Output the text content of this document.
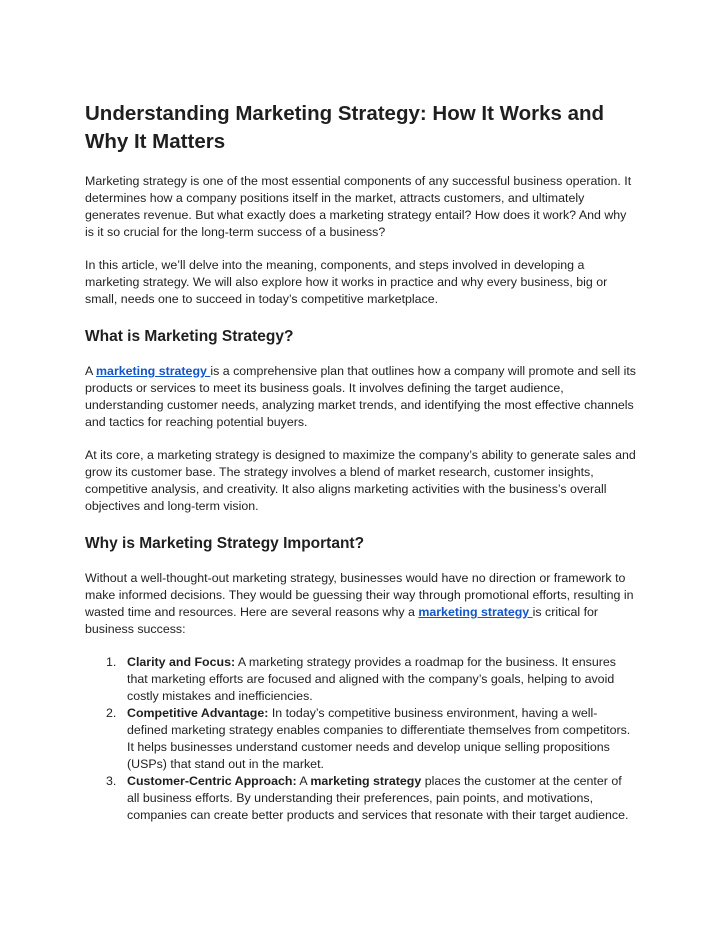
Understanding Marketing Strategy: How It Works and Why It Matters

Marketing strategy is one of the most essential components of any successful business operation. It determines how a company positions itself in the market, attracts customers, and ultimately generates revenue. But what exactly does a marketing strategy entail? How does it work? And why is it so crucial for the long-term success of a business?

In this article, we’ll delve into the meaning, components, and steps involved in developing a marketing strategy. We will also explore how it works in practice and why every business, big or small, needs one to succeed in today’s competitive marketplace.

What is Marketing Strategy?

A marketing strategy is a comprehensive plan that outlines how a company will promote and sell its products or services to meet its business goals. It involves defining the target audience, understanding customer needs, analyzing market trends, and identifying the most effective channels and tactics for reaching potential buyers.

At its core, a marketing strategy is designed to maximize the company’s ability to generate sales and grow its customer base. The strategy involves a blend of market research, customer insights, competitive analysis, and creativity. It also aligns marketing activities with the business’s overall objectives and long-term vision.

Why is Marketing Strategy Important?

Without a well-thought-out marketing strategy, businesses would have no direction or framework to make informed decisions. They would be guessing their way through promotional efforts, resulting in wasted time and resources. Here are several reasons why a marketing strategy is critical for business success:

1. Clarity and Focus: A marketing strategy provides a roadmap for the business. It ensures that marketing efforts are focused and aligned with the company’s goals, helping to avoid costly mistakes and inefficiencies.
2. Competitive Advantage: In today’s competitive business environment, having a well-defined marketing strategy enables companies to differentiate themselves from competitors. It helps businesses understand customer needs and develop unique selling propositions (USPs) that stand out in the market.
3. Customer-Centric Approach: A marketing strategy places the customer at the center of all business efforts. By understanding their preferences, pain points, and motivations, companies can create better products and services that resonate with their target audience.
